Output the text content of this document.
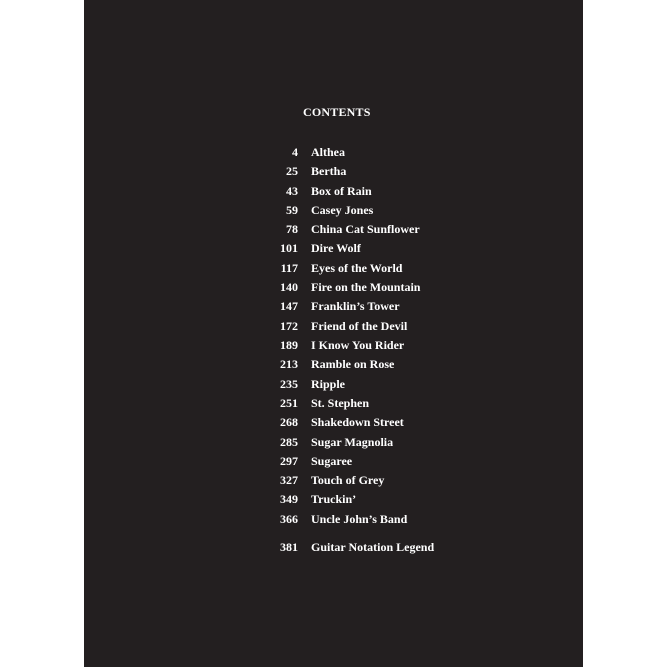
CONTENTS
4 Althea
25 Bertha
43 Box of Rain
59 Casey Jones
78 China Cat Sunflower
101 Dire Wolf
117 Eyes of the World
140 Fire on the Mountain
147 Franklin’s Tower
172 Friend of the Devil
189 I Know You Rider
213 Ramble on Rose
235 Ripple
251 St. Stephen
268 Shakedown Street
285 Sugar Magnolia
297 Sugaree
327 Touch of Grey
349 Truckin’
366 Uncle John’s Band
381 Guitar Notation Legend
